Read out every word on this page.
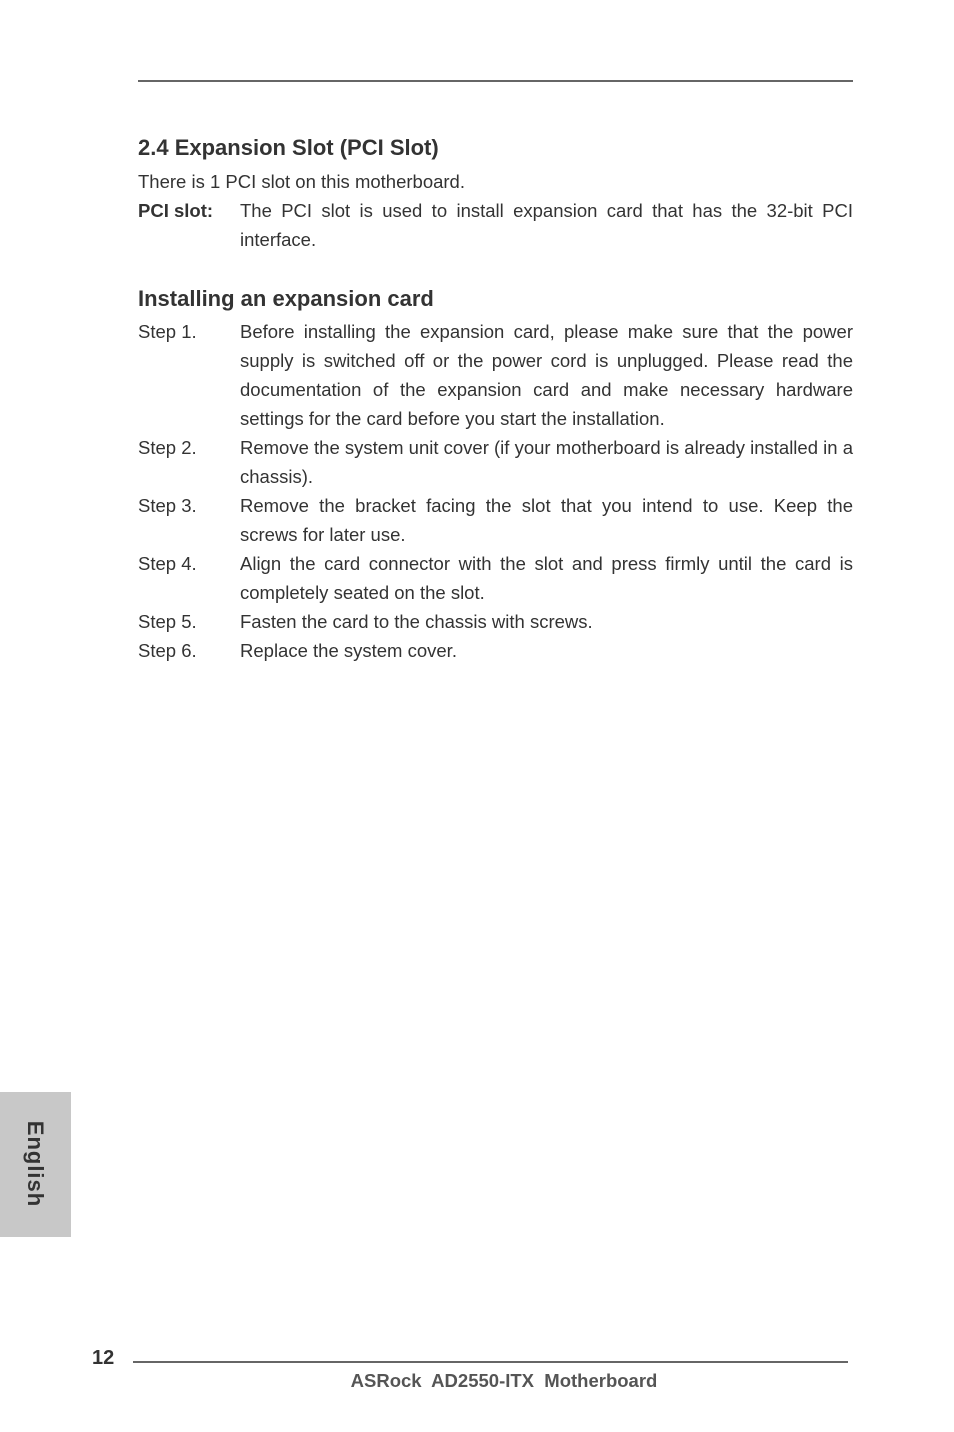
2.4 Expansion Slot (PCI Slot)

There is 1 PCI slot on this motherboard.

PCI slot:	The PCI slot is used to install expansion card that has the 32-bit PCI interface.
Installing an expansion card
Step 1.	Before installing the expansion card, please make sure that the power supply is switched off or the power cord is unplugged. Please read the documentation of the expansion card and make necessary hardware settings for the card before you start the installation.
Step 2.	Remove the system unit cover (if your motherboard is already installed in a chassis).
Step 3.	Remove the bracket facing the slot that you intend to use. Keep the screws for later use.
Step 4.	Align the card connector with the slot and press firmly until the card is completely seated on the slot.
Step 5.	Fasten the card to the chassis with screws.
Step 6.	Replace the system cover.
English
12
ASRock  AD2550-ITX  Motherboard
